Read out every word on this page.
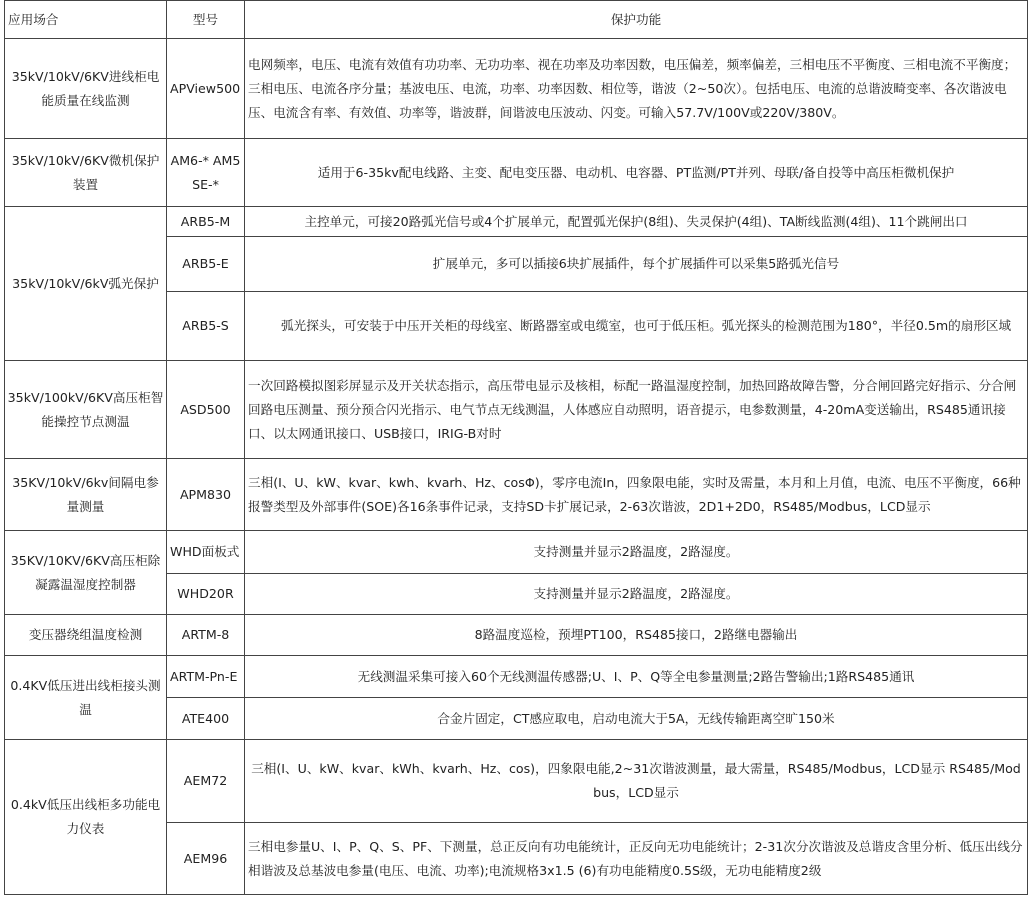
应用场合	型号	保护功能
35kV/10kV/6KV进线柜电能质量在线监测	APView500	电网频率，电压、电流有效值有功功率、无功功率、视在功率及功率因数，电压偏差，频率偏差，三相电压不平衡度、三相电流不平衡度；三相电压、电流各序分量；基波电压、电流，功率、功率因数、相位等，谐波（2~50次）。包括电压、电流的总谐波畸变率、各次谐波电压、电流含有率、有效值、功率等，谐波群，间谐波电压波动、闪变。可输入57.7V/100V或220V/380V。
35kV/10kV/6KV微机保护装置	AM6-* AM5SE-*	适用于6-35kv配电线路、主变、配电变压器、电动机、电容器、PT监测/PT并列、母联/备自投等中高压柜微机保护
35kV/10kV/6kV弧光保护	ARB5-M	主控单元，可接20路弧光信号或4个扩展单元，配置弧光保护(8组)、失灵保护(4组)、TA断线监测(4组)、11个跳闸出口
	ARB5-E	扩展单元，多可以插接6块扩展插件，每个扩展插件可以采集5路弧光信号
	ARB5-S	弧光探头，可安装于中压开关柜的母线室、断路器室或电缆室，也可于低压柜。弧光探头的检测范围为180°，半径0.5m的扇形区域
35kV/100kV/6KV高压柜智能操控节点测温	ASD500	一次回路模拟图彩屏显示及开关状态指示，高压带电显示及核相，标配一路温湿度控制，加热回路故障告警，分合闸回路完好指示、分合闸回路电压测量、预分预合闪光指示、电气节点无线测温，人体感应自动照明，语音提示，电参数测量，4-20mA变送输出，RS485通讯接口、以太网通讯接口、USB接口，IRIG-B对时
35KV/10kV/6kv间隔电参量测量	APM830	三相(I、U、kW、kvar、kwh、kvarh、Hz、cosΦ)，零序电流In，四象限电能，实时及需量，本月和上月值，电流、电压不平衡度，66种报警类型及外部事件(SOE)各16条事件记录，支持SD卡扩展记录，2-63次谐波，2D1+2D0，RS485/Modbus，LCD显示
35KV/10KV/6KV高压柜除凝露温湿度控制器	WHD面板式	支持测量并显示2路温度，2路湿度。
	WHD20R	支持测量并显示2路温度，2路湿度。
变压器绕组温度检测	ARTM-8	8路温度巡检，预埋PT100，RS485接口，2路继电器输出
0.4KV低压进出线柜接头测温	ARTM-Pn-E	无线测温采集可接入60个无线测温传感器;U、I、P、Q等全电参量测量;2路告警输出;1路RS485通讯
	ATE400	合金片固定，CT感应取电，启动电流大于5A，无线传输距离空旷150米
0.4kV低压出线柜多功能电力仪表	AEM72	三相(I、U、kW、kvar、kWh、kvarh、Hz、cos)，四象限电能,2~31次谐波测量，最大需量，RS485/Modbus，LCD显示 RS485/Modbus，LCD显示
	AEM96	三相电参量U、I、P、Q、S、PF、下测量，总正反向有功电能统计，正反向无功电能统计；2-31次分次谐波及总谐皮含里分析、低压出线分相谐波及总基波电参量(电压、电流、功率);电流规格3x1.5 (6)有功电能精度0.5S级，无功电能精度2级
